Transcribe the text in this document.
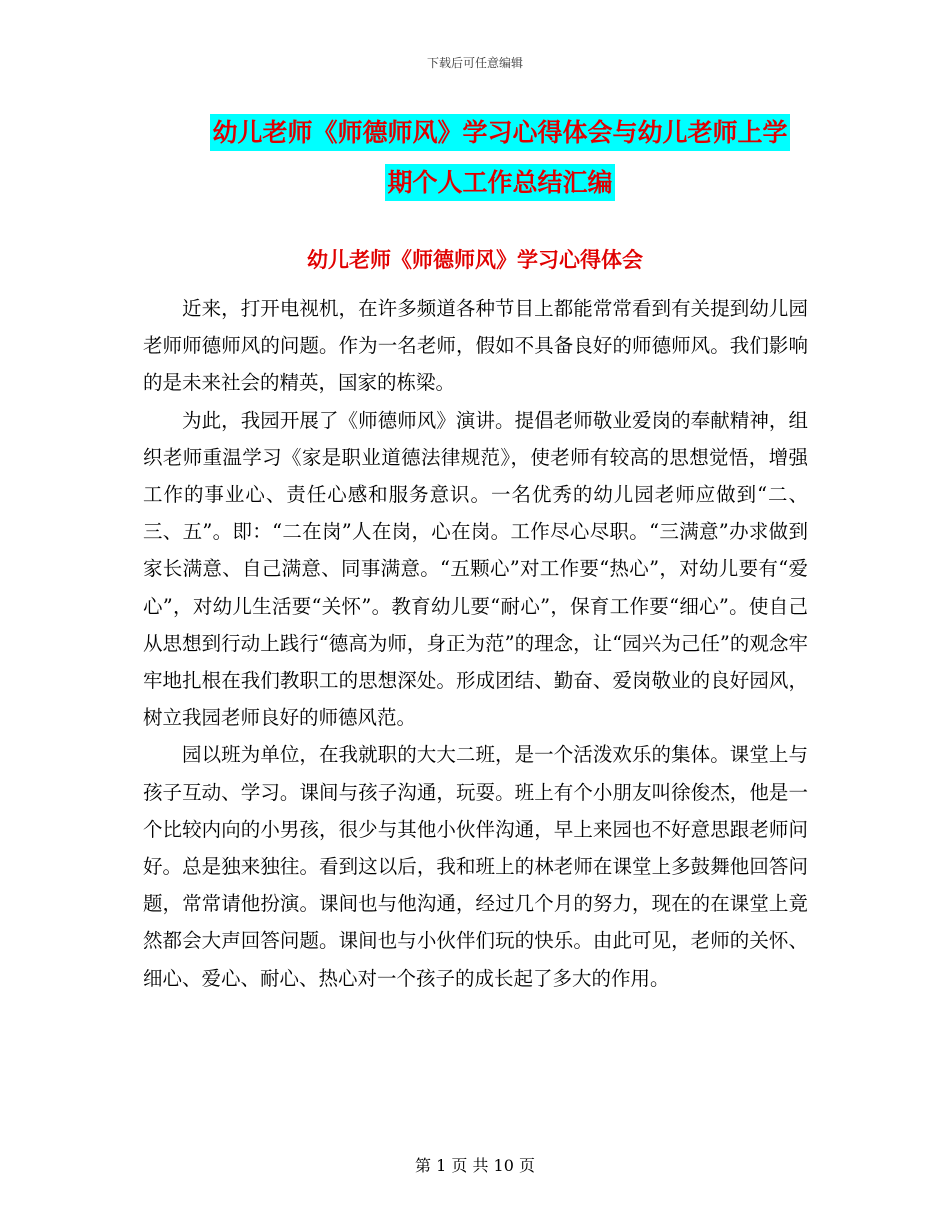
下载后可任意编辑
幼儿老师《师德师风》学习心得体会与幼儿老师上学
期个人工作总结汇编
幼儿老师《师德师风》学习心得体会

近来，打开电视机，在许多频道各种节目上都能常常看到有关提到幼儿园老师师德师风的问题。作为一名老师，假如不具备良好的师德师风。我们影响的是未来社会的精英，国家的栋梁。

为此，我园开展了《师德师风》演讲。提倡老师敬业爱岗的奉献精神，组织老师重温学习《家是职业道德法律规范》，使老师有较高的思想觉悟，增强工作的事业心、责任心感和服务意识。一名优秀的幼儿园老师应做到“二、三、五”。即：“二在岗”人在岗，心在岗。工作尽心尽职。“三满意”办求做到家长满意、自己满意、同事满意。“五颗心”对工作要“热心”，对幼儿要有“爱心”，对幼儿生活要“关怀”。教育幼儿要“耐心”，保育工作要“细心”。使自己从思想到行动上践行“德高为师，身正为范”的理念，让“园兴为己任”的观念牢牢地扎根在我们教职工的思想深处。形成团结、勤奋、爱岗敬业的良好园风，树立我园老师良好的师德风范。

园以班为单位，在我就职的大大二班，是一个活泼欢乐的集体。课堂上与孩子互动、学习。课间与孩子沟通，玩耍。班上有个小朋友叫徐俊杰，他是一个比较内向的小男孩，很少与其他小伙伴沟通，早上来园也不好意思跟老师问好。总是独来独往。看到这以后，我和班上的林老师在课堂上多鼓舞他回答问题，常常请他扮演。课间也与他沟通，经过几个月的努力，现在的在课堂上竟然都会大声回答问题。课间也与小伙伴们玩的快乐。由此可见，老师的关怀、细心、爱心、耐心、热心对一个孩子的成长起了多大的作用。

第 1 页 共 10 页
